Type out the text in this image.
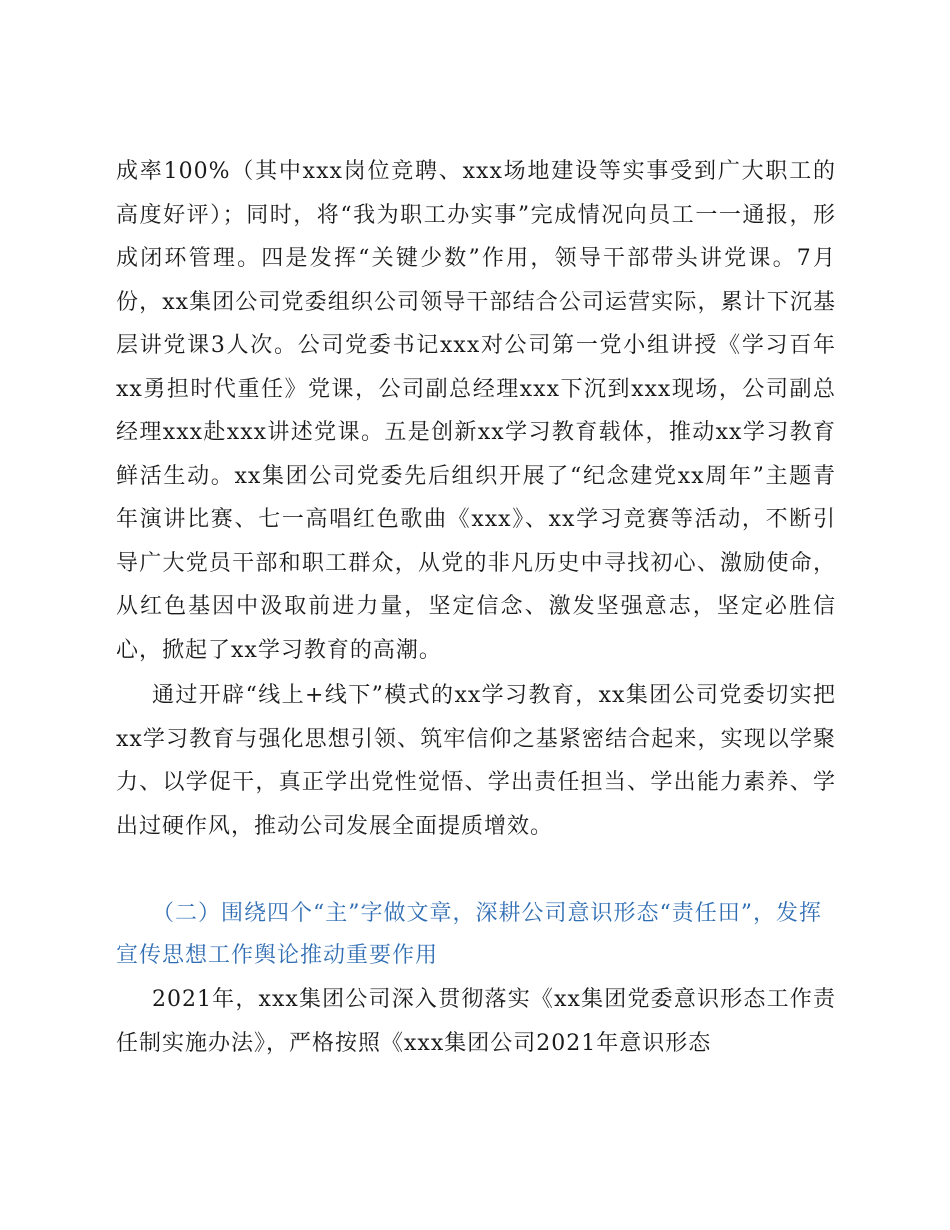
成率100%（其中xxx岗位竞聘、xxx场地建设等实事受到广大职工的高度好评）；同时，将“我为职工办实事”完成情况向员工一一通报，形成闭环管理。四是发挥“关键少数”作用，领导干部带头讲党课。7月份，xx集团公司党委组织公司领导干部结合公司运营实际，累计下沉基层讲党课3人次。公司党委书记xxx对公司第一党小组讲授《学习百年xx勇担时代重任》党课，公司副总经理xxx下沉到xxx现场，公司副总经理xxx赴xxx讲述党课。五是创新xx学习教育载体，推动xx学习教育鲜活生动。xx集团公司党委先后组织开展了“纪念建党xx周年”主题青年演讲比赛、七一高唱红色歌曲《xxx》、xx学习竞赛等活动，不断引导广大党员干部和职工群众，从党的非凡历史中寻找初心、激励使命，从红色基因中汲取前进力量，坚定信念、激发坚强意志，坚定必胜信心，掀起了xx学习教育的高潮。

通过开辟“线上+线下”模式的xx学习教育，xx集团公司党委切实把xx学习教育与强化思想引领、筑牢信仰之基紧密结合起来，实现以学聚力、以学促干，真正学出党性觉悟、学出责任担当、学出能力素养、学出过硬作风，推动公司发展全面提质增效。

（二）围绕四个“主”字做文章，深耕公司意识形态“责任田”，发挥宣传思想工作舆论推动重要作用

2021年，xxx集团公司深入贯彻落实《xx集团党委意识形态工作责任制实施办法》，严格按照《xxx集团公司2021年意识形态
